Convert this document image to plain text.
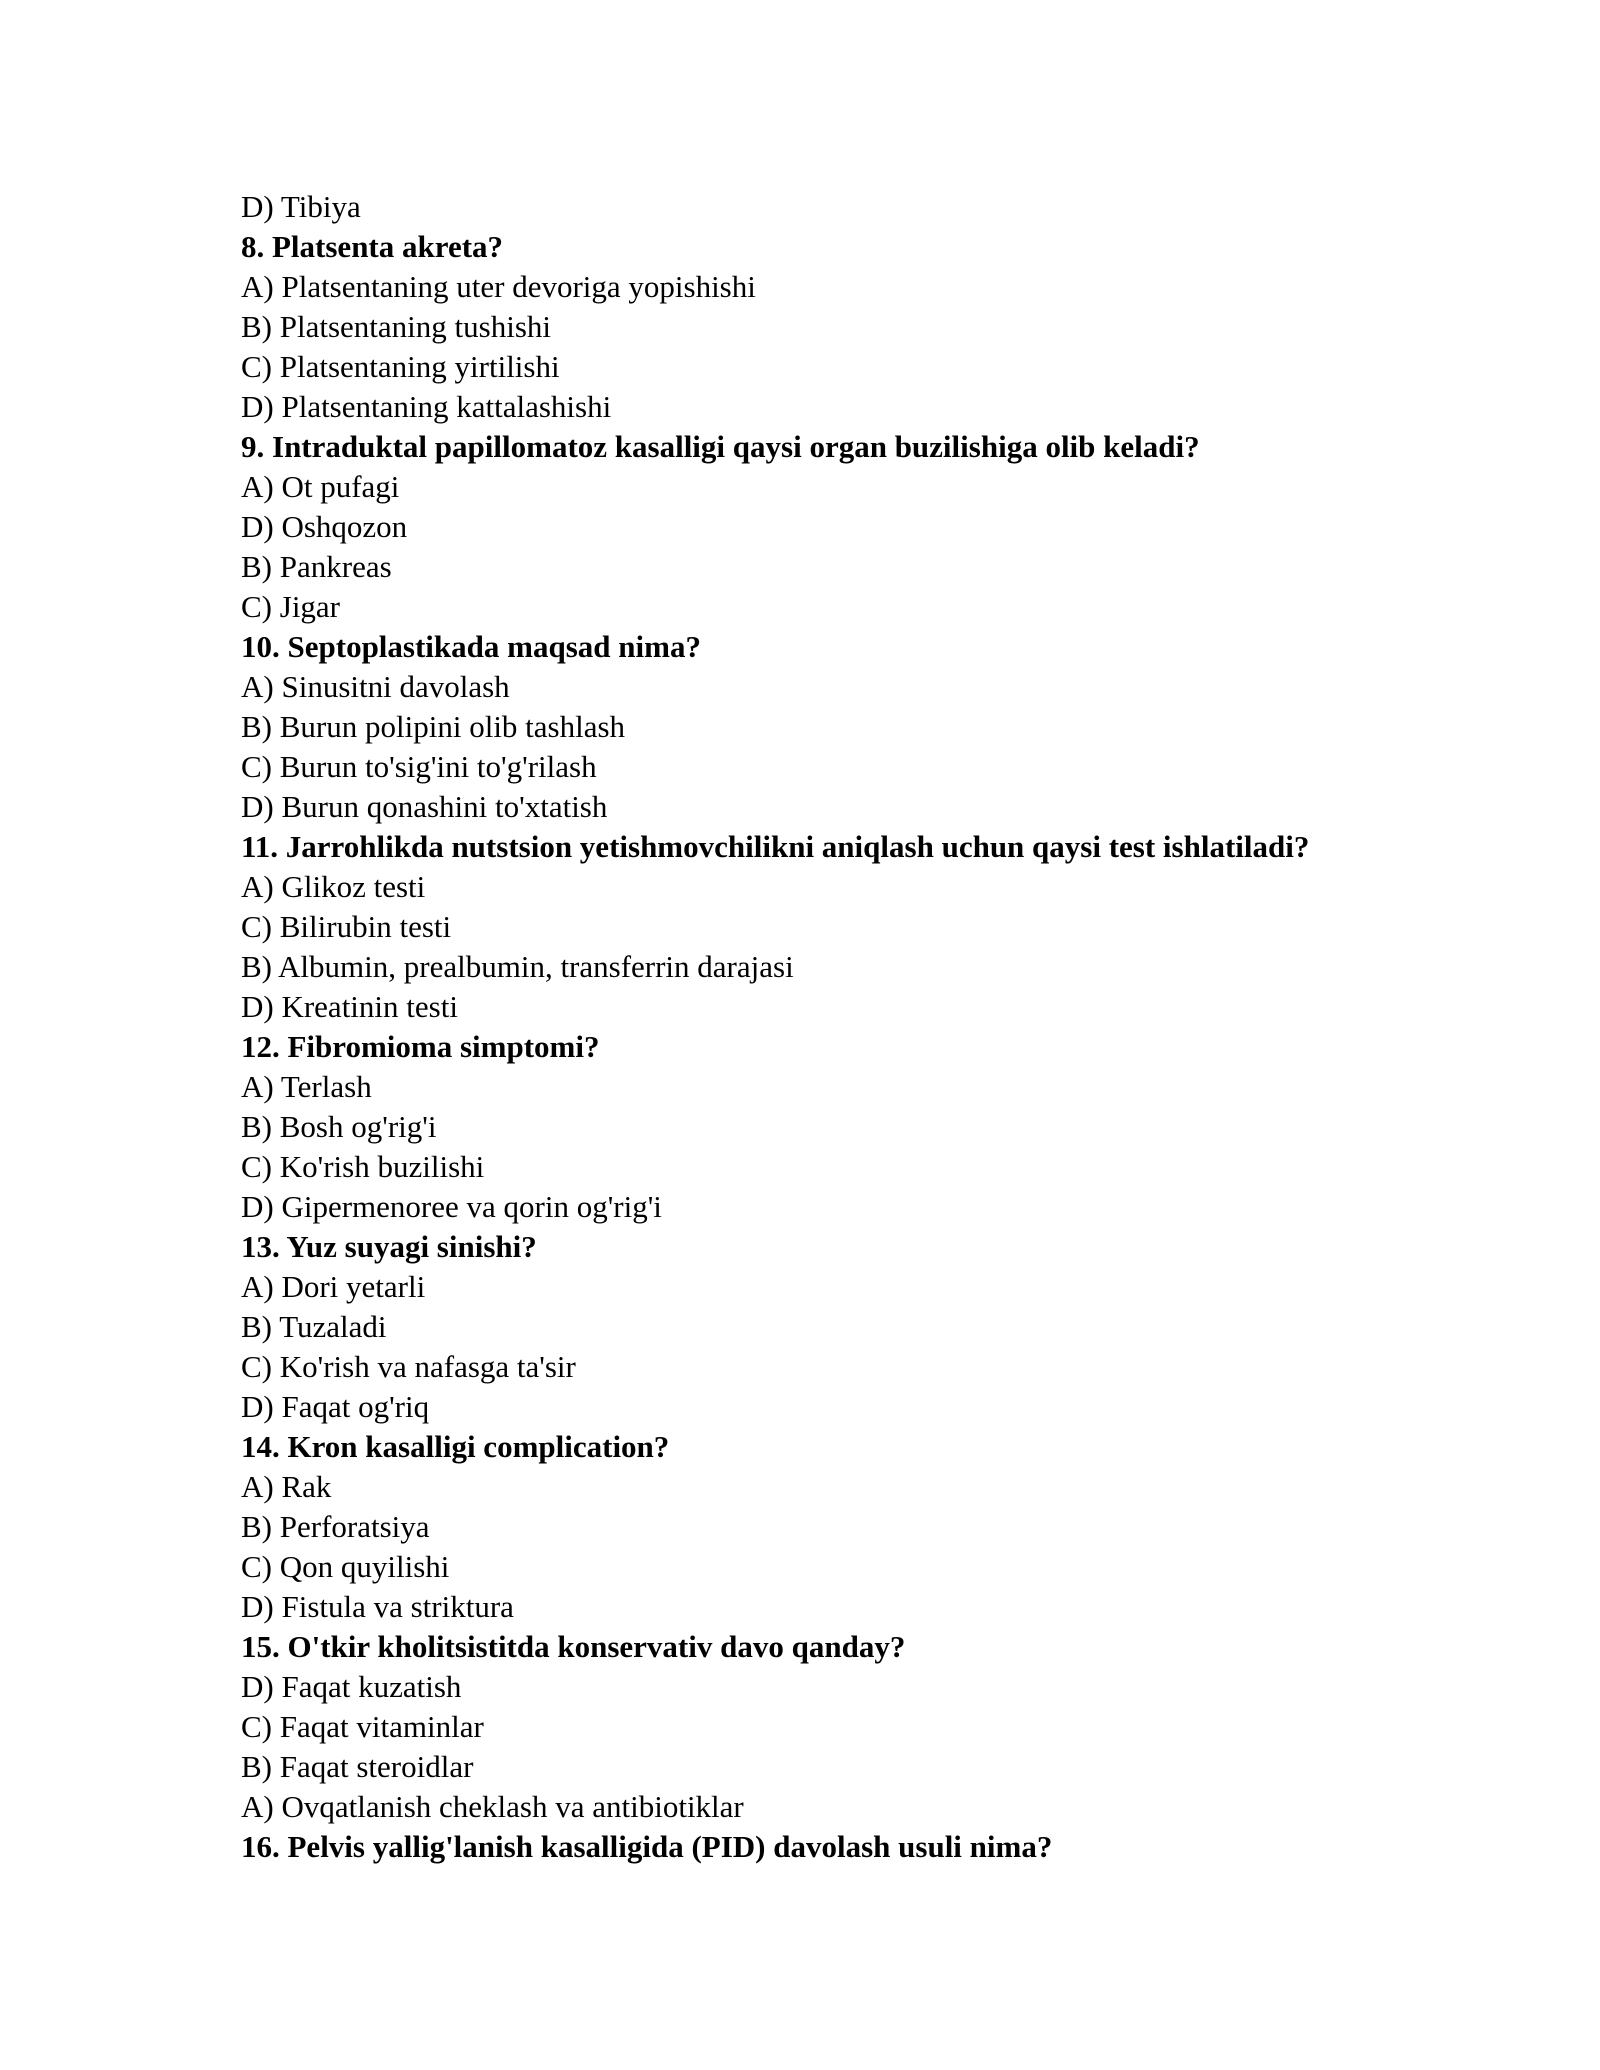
D) Tibiya
8. Platsenta akreta?
A) Platsentaning uter devoriga yopishishi
B) Platsentaning tushishi
C) Platsentaning yirtilishi
D) Platsentaning kattalashishi
9. Intraduktal papillomatoz kasalligi qaysi organ buzilishiga olib keladi?
A) Ot pufagi
D) Oshqozon
B) Pankreas
C) Jigar
10. Septoplastikada maqsad nima?
A) Sinusitni davolash
B) Burun polipini olib tashlash
C) Burun to'sig'ini to'g'rilash
D) Burun qonashini to'xtatish
11. Jarrohlikda nutstsion yetishmovchilikni aniqlash uchun qaysi test ishlatiladi?
A) Glikoz testi
C) Bilirubin testi
B) Albumin, prealbumin, transferrin darajasi
D) Kreatinin testi
12. Fibromioma simptomi?
A) Terlash
B) Bosh og'rig'i
C) Ko'rish buzilishi
D) Gipermenoree va qorin og'rig'i
13. Yuz suyagi sinishi?
A) Dori yetarli
B) Tuzaladi
C) Ko'rish va nafasga ta'sir
D) Faqat og'riq
14. Kron kasalligi complication?
A) Rak
B) Perforatsiya
C) Qon quyilishi
D) Fistula va striktura
15. O'tkir kholitsistitda konservativ davo qanday?
D) Faqat kuzatish
C) Faqat vitaminlar
B) Faqat steroidlar
A) Ovqatlanish cheklash va antibiotiklar
16. Pelvis yallig'lanish kasalligida (PID) davolash usuli nima?
